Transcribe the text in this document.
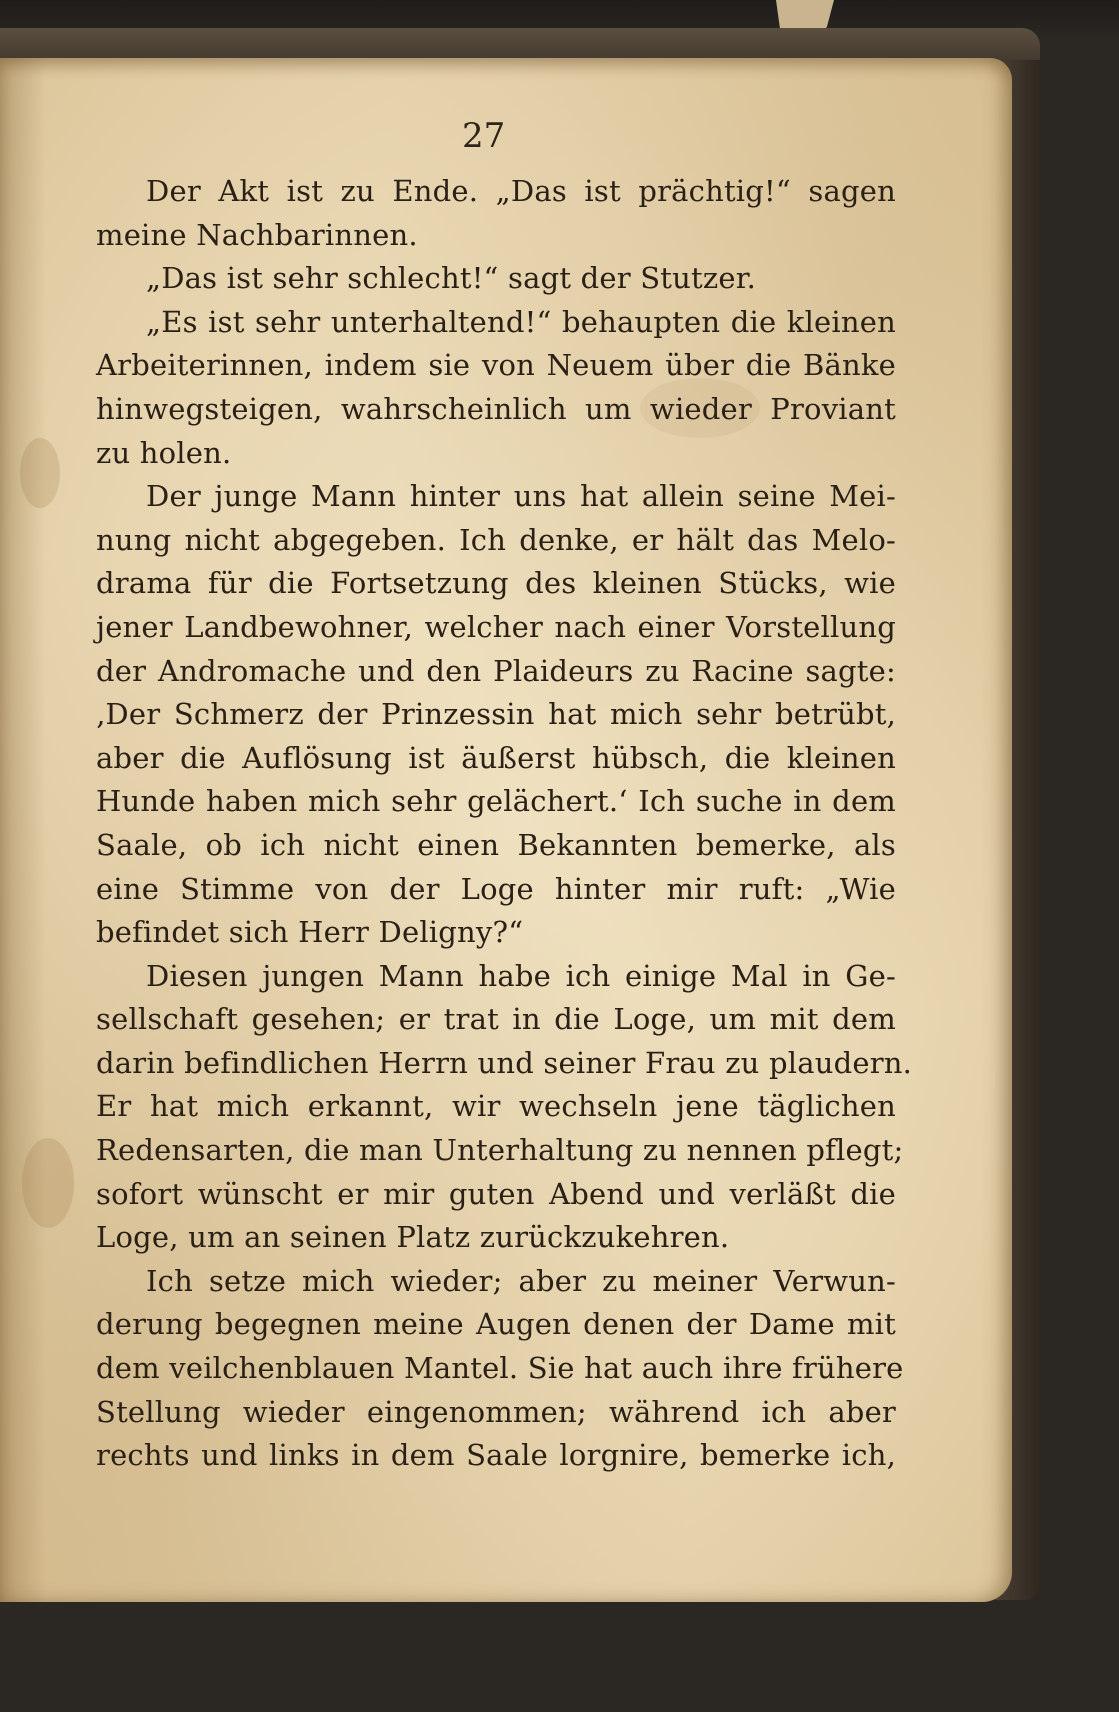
27
Der Akt ist zu Ende. „Das ist prächtig!“ sagen
meine Nachbarinnen.
„Das ist sehr schlecht!“ sagt der Stutzer.
„Es ist sehr unterhaltend!“ behaupten die kleinen
Arbeiterinnen, indem sie von Neuem über die Bänke
hinwegsteigen, wahrscheinlich um wieder Proviant
zu holen.
Der junge Mann hinter uns hat allein seine Mei-
nung nicht abgegeben. Ich denke, er hält das Melo-
drama für die Fortsetzung des kleinen Stücks, wie
jener Landbewohner, welcher nach einer Vorstellung
der Andromache und den Plaideurs zu Racine sagte:
‚Der Schmerz der Prinzessin hat mich sehr betrübt,
aber die Auflösung ist äußerst hübsch, die kleinen
Hunde haben mich sehr gelächert.‘ Ich suche in dem
Saale, ob ich nicht einen Bekannten bemerke, als
eine Stimme von der Loge hinter mir ruft: „Wie
befindet sich Herr Deligny?“
Diesen jungen Mann habe ich einige Mal in Ge-
sellschaft gesehen; er trat in die Loge, um mit dem
darin befindlichen Herrn und seiner Frau zu plaudern.
Er hat mich erkannt, wir wechseln jene täglichen
Redensarten, die man Unterhaltung zu nennen pflegt;
sofort wünscht er mir guten Abend und verläßt die
Loge, um an seinen Platz zurückzukehren.
Ich setze mich wieder; aber zu meiner Verwun-
derung begegnen meine Augen denen der Dame mit
dem veilchenblauen Mantel. Sie hat auch ihre frühere
Stellung wieder eingenommen; während ich aber
rechts und links in dem Saale lorgnire, bemerke ich,
